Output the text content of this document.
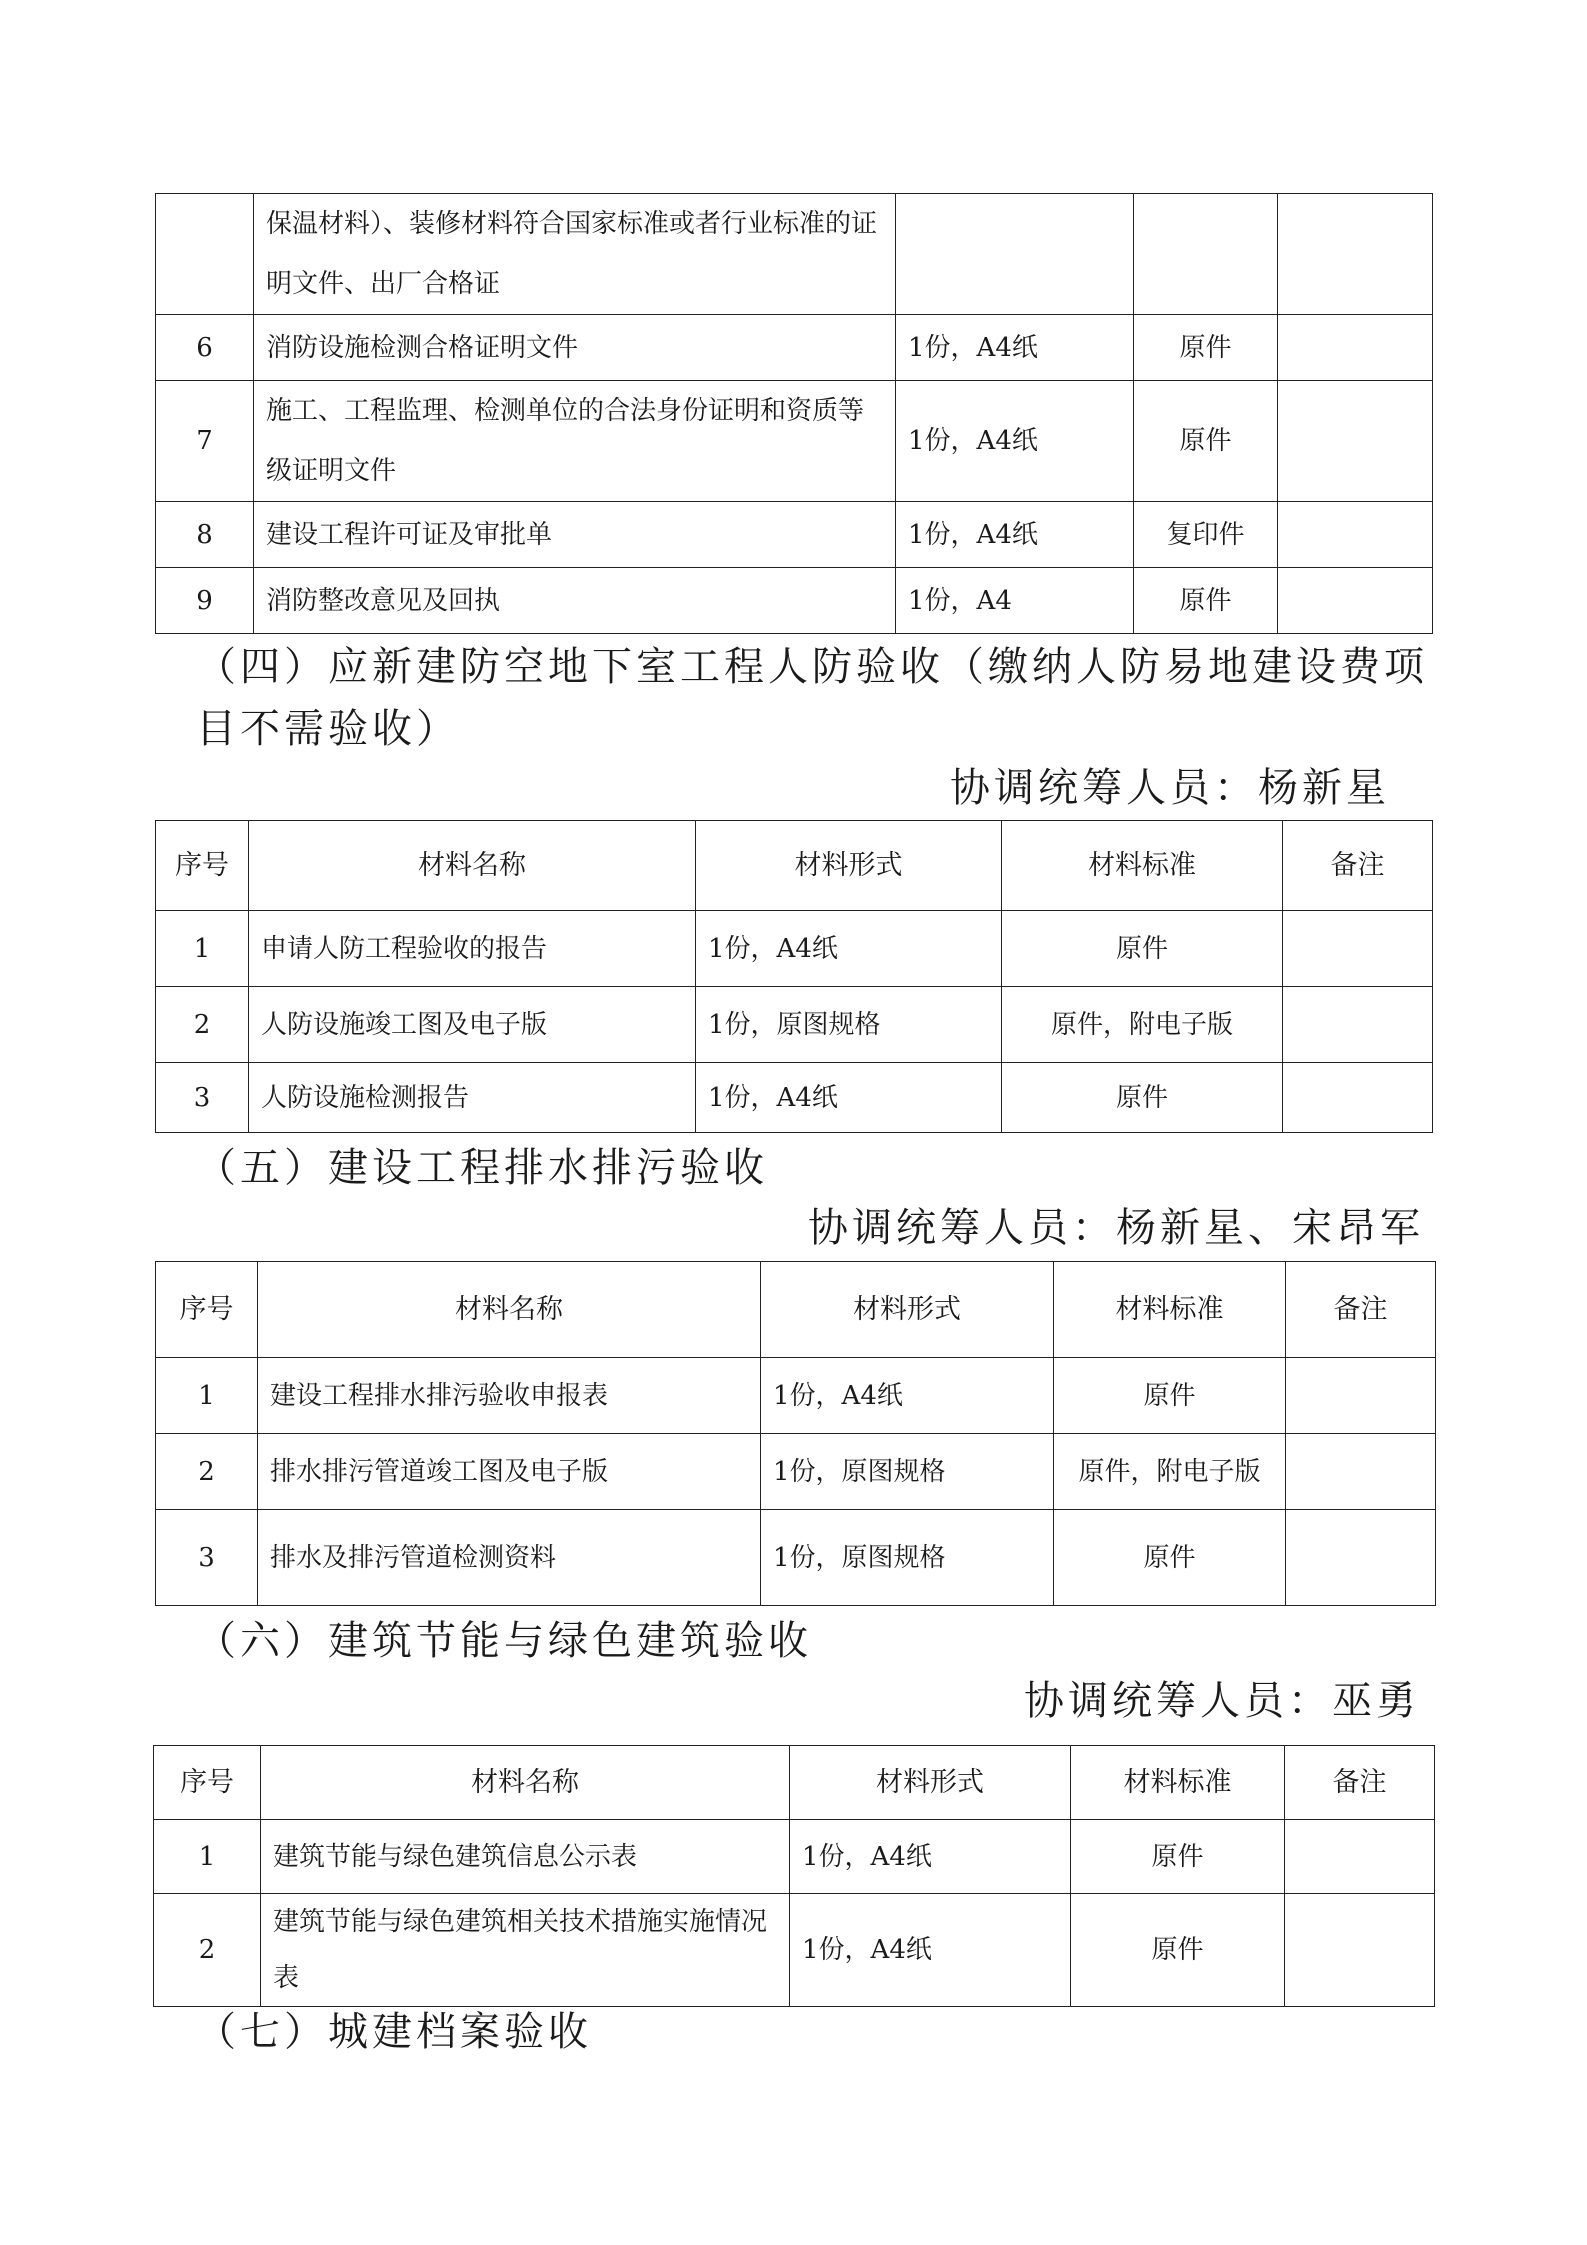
	保温材料）、装修材料符合国家标准或者行业标准的证明文件、出厂合格证			
6	消防设施检测合格证明文件	1份，A4纸	原件	
7	施工、工程监理、检测单位的合法身份证明和资质等级证明文件	1份，A4纸	原件	
8	建设工程许可证及审批单	1份，A4纸	复印件	
9	消防整改意见及回执	1份，A4	原件	
（四）应新建防空地下室工程人防验收（缴纳人防易地建设费项
目不需验收）
协调统筹人员：杨新星
序号	材料名称	材料形式	材料标准	备注
1	申请人防工程验收的报告	1份，A4纸	原件	
2	人防设施竣工图及电子版	1份，原图规格	原件，附电子版	
3	人防设施检测报告	1份，A4纸	原件	
（五）建设工程排水排污验收
协调统筹人员：杨新星、宋昂军
序号	材料名称	材料形式	材料标准	备注
1	建设工程排水排污验收申报表	1份，A4纸	原件	
2	排水排污管道竣工图及电子版	1份，原图规格	原件，附电子版	
3	排水及排污管道检测资料	1份，原图规格	原件	
（六）建筑节能与绿色建筑验收
协调统筹人员：巫勇
序号	材料名称	材料形式	材料标准	备注
1	建筑节能与绿色建筑信息公示表	1份，A4纸	原件	
2	建筑节能与绿色建筑相关技术措施实施情况表	1份，A4纸	原件	
（七）城建档案验收
